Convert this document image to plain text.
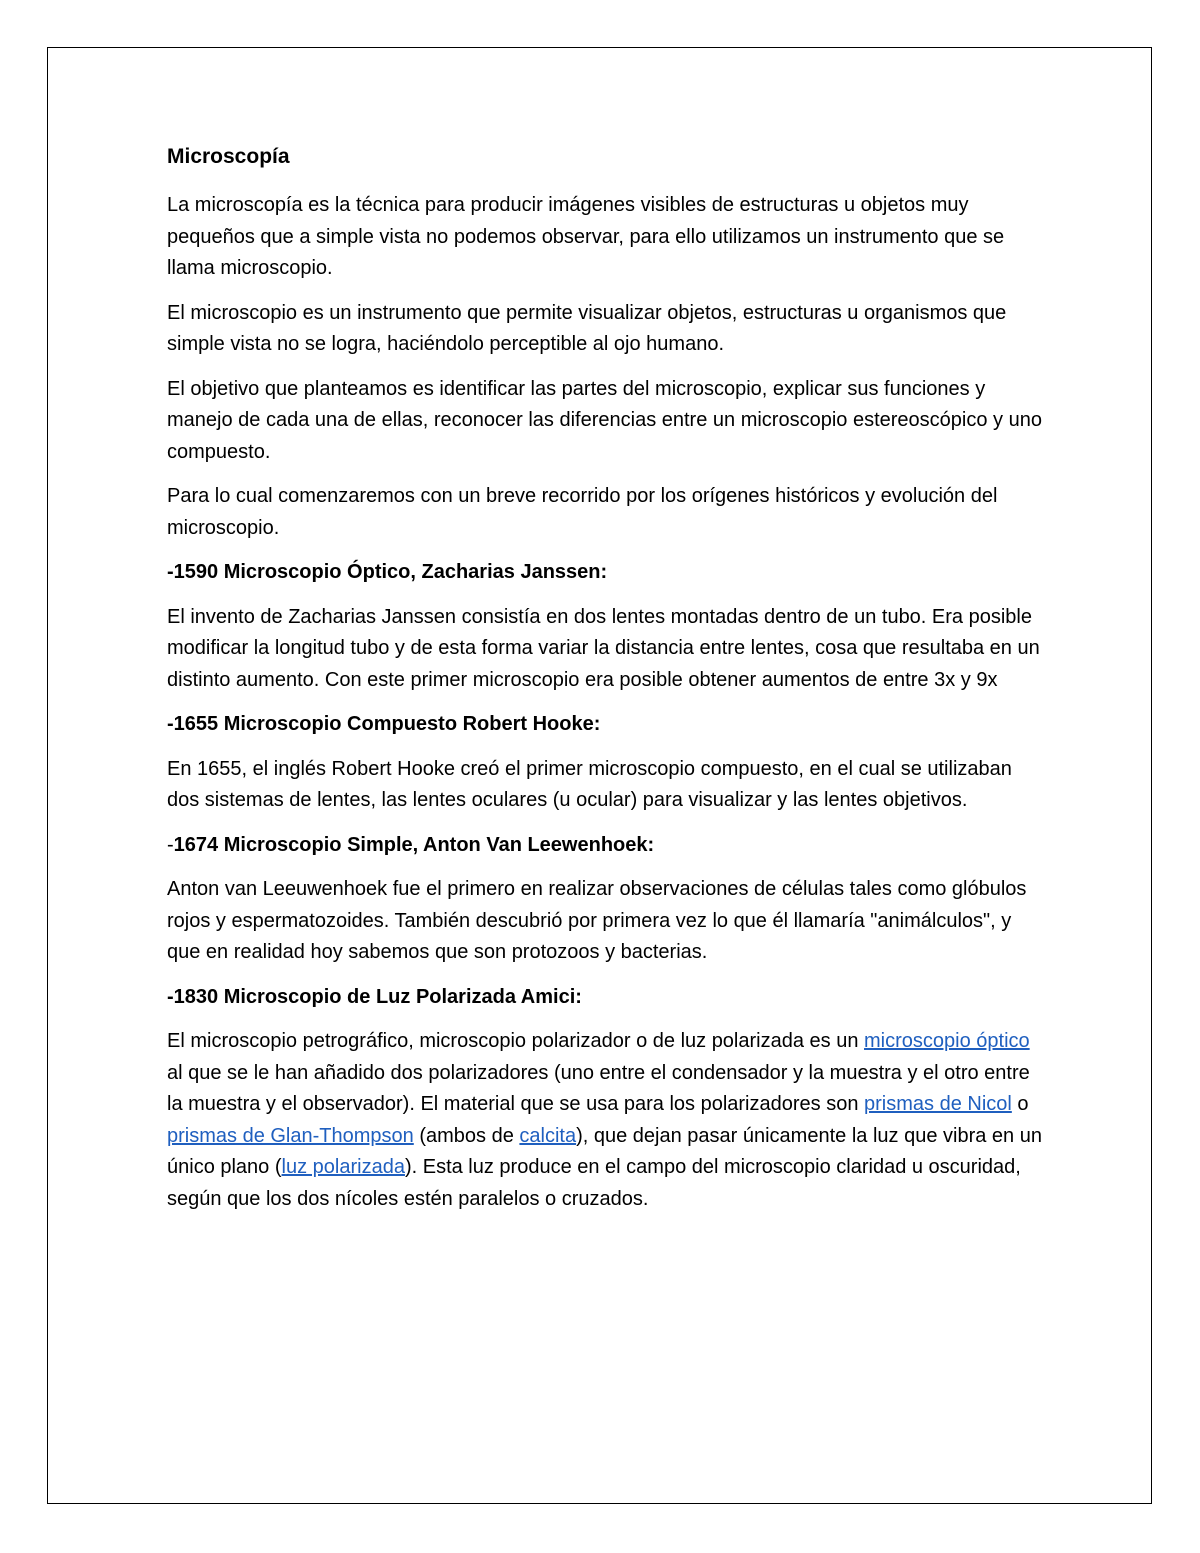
Microscopía

La microscopía es la técnica para producir imágenes visibles de estructuras u objetos muy pequeños que a simple vista no podemos observar, para ello utilizamos un instrumento que se llama microscopio.

El microscopio es un instrumento que permite visualizar objetos, estructuras u organismos que simple vista no se logra, haciéndolo perceptible al ojo humano.

El objetivo que planteamos es identificar las partes del microscopio, explicar sus funciones y manejo de cada una de ellas, reconocer las diferencias entre un microscopio estereoscópico y uno compuesto.

Para lo cual comenzaremos con un breve recorrido por los orígenes históricos y evolución del microscopio.

-1590 Microscopio Óptico, Zacharias Janssen:

El invento de Zacharias Janssen consistía en dos lentes montadas dentro de un tubo. Era posible modificar la longitud tubo y de esta forma variar la distancia entre lentes, cosa que resultaba en un distinto aumento. Con este primer microscopio era posible obtener aumentos de entre 3x y 9x

-1655 Microscopio Compuesto Robert Hooke:

En 1655, el inglés Robert Hooke creó el primer microscopio compuesto, en el cual se utilizaban dos sistemas de lentes, las lentes oculares (u ocular) para visualizar y las lentes objetivos.

-1674 Microscopio Simple, Anton Van Leewenhoek:

Anton van Leeuwenhoek fue el primero en realizar observaciones de células tales como glóbulos rojos y espermatozoides. También descubrió por primera vez lo que él llamaría "animálculos", y que en realidad hoy sabemos que son protozoos y bacterias.

-1830 Microscopio de Luz Polarizada Amici:

El microscopio petrográfico, microscopio polarizador o de luz polarizada es un microscopio óptico al que se le han añadido dos polarizadores (uno entre el condensador y la muestra y el otro entre la muestra y el observador). El material que se usa para los polarizadores son prismas de Nicol o prismas de Glan-Thompson (ambos de calcita), que dejan pasar únicamente la luz que vibra en un único plano (luz polarizada). Esta luz produce en el campo del microscopio claridad u oscuridad, según que los dos nícoles estén paralelos o cruzados.
